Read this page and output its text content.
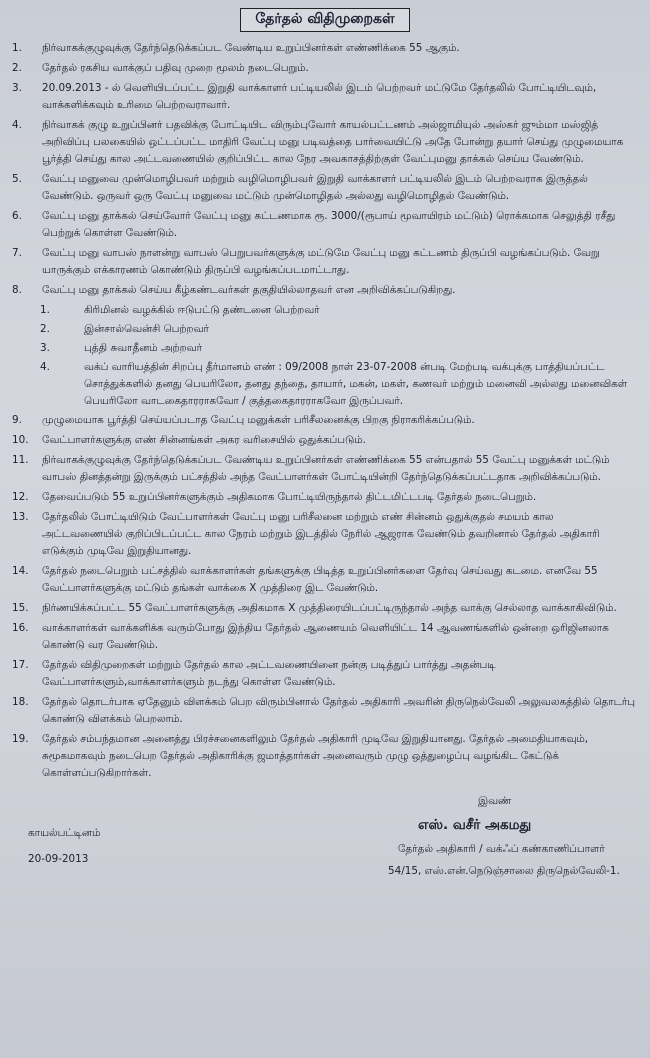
தேர்தல் விதிமுறைகள்
1.	நிர்வாகக்குழுவுக்கு தேர்ந்தெடுக்கப்பட வேண்டிய உறுப்பினர்கள் எண்ணிக்கை 55 ஆகும்.
2.	தேர்தல் ரகசிய வாக்குப் பதிவு முறை மூலம் நடைபெறும்.
3.	20.09.2013 - ல் வெளியிடப்பட்ட இறுதி வாக்காளர் பட்டியலில் இடம் பெற்றவர் மட்டுமே தேர்தலில் போட்டியிடவும், வாக்களிக்கவும் உரிமை பெற்றவராவார்.
4.	நிர்வாகக் குழு உறுப்பினர் பதவிக்கு போட்டியிட விரும்புவோர் காயல்பட்டணம் அல்ஜாமியுல் அஸ்கர் ஜும்மா மஸ்ஜித் அறிவிப்பு பலகையில் ஒட்டப்பட்ட மாதிரி வேட்பு மனு படிவத்தை பார்வையிட்டு அதே போன்று தயார் செய்து முழுமையாக பூர்த்தி செய்து கால அட்டவணையில் குறிப்பிட்ட கால நேர அவகாசத்திற்குள் வேட்புமனு தாக்கல் செய்ய வேண்டும்.
5.	வேட்பு மனுவை முன்மொழிபவர் மற்றும் வழிமொழிபவர் இறுதி வாக்காளர் பட்டியலில் இடம் பெற்றவராக இருத்தல் வேண்டும். ஒருவர் ஒரு வேட்பு மனுவை மட்டும் முன்மொழிதல் அல்லது வழிமொழிதல் வேண்டும்.
6.	வேட்பு மனு தாக்கல் செய்வோர் வேட்பு மனு கட்டணமாக ரூ. 3000/(ரூபாய் மூவாயிரம் மட்டும்) ரொக்கமாக செலுத்தி ரசீது பெற்றுக் கொள்ள வேண்டும்.
7.	வேட்பு மனு வாபஸ் நாளன்று வாபஸ் பெறுபவர்களுக்கு மட்டுமே வேட்பு மனு கட்டணம் திருப்பி வழங்கப்படும். வேறு யாருக்கும் எக்காரணம் கொண்டும் திருப்பி வழங்கப்படமாட்டாது.
8.	வேட்பு மனு தாக்கல் செய்ய கீழ்கண்டவர்கள் தகுதியில்லாதவர் என அறிவிக்கப்படுகிறது.
1.	கிரிமினல் வழக்கில் ஈடுபட்டு தண்டனை பெற்றவர்
2.	இன்சால்வென்சி பெற்றவர்
3.	புத்தி சுவாதீனம் அற்றவர்
4.	வக்ப் வாரியத்தின் சிறப்பு தீர்மானம் எண் : 09/2008 நாள் 23-07-2008 ன்படி மேற்படி வக்புக்கு பாத்தியப்பட்ட சொத்துக்களில் தனது பெயரிலோ, தனது தந்தை, தாயார், மகன், மகள், கணவர் மற்றும் மனைவி அல்லது மனைவிகள் பெயரிலோ வாடகைதாரராகவோ / குத்தகைதாரராகவோ இருப்பவர்.
9.	முழுமையாக பூர்த்தி செய்யப்படாத வேட்பு மனுக்கள் பரிசீலனைக்கு பிறகு நிராகரிக்கப்படும்.
10.	வேட்பாளர்களுக்கு எண் சின்னங்கள் அகர வரிசையில் ஒதுக்கப்படும்.
11.	நிர்வாகக்குழுவுக்கு தேர்ந்தெடுக்கப்பட வேண்டிய உறுப்பினர்கள் எண்ணிக்கை 55 என்பதால் 55 வேட்பு மனுக்கள் மட்டும் வாபஸ் தினத்தன்று இருக்கும் பட்சத்தில் அந்த வேட்பாளர்கள் போட்டியின்றி தேர்ந்தெடுக்கப்பட்டதாக அறிவிக்கப்படும்.
12.	தேவைப்படும் 55 உறுப்பினர்களுக்கும் அதிகமாக போட்டியிருந்தால் திட்டமிட்டபடி தேர்தல் நடைபெறும்.
13.	தேர்தலில் போட்டியிடும் வேட்பாளர்கள் வேட்பு மனு பரிசீலனை மற்றும் எண் சின்னம் ஒதுக்குதல் சமயம் கால அட்டவணையில் குறிப்பிடப்பட்ட கால நேரம் மற்றும் இடத்தில் நேரில் ஆஜராக வேண்டும் தவறினால் தேர்தல் அதிகாரி எடுக்கும் முடிவே இறுதியானது.
14.	தேர்தல் நடைபெறும் பட்சத்தில் வாக்காளர்கள் தங்களுக்கு பிடித்த உறுப்பினர்களை தேர்வு செய்வது கடமை. எனவே 55 வேட்பாளர்களுக்கு மட்டும் தங்கள் வாக்கை X முத்திரை இட வேண்டும்.
15.	நிர்ணயிக்கப்பட்ட 55 வேட்பாளர்களுக்கு அதிகமாக X முத்திரையிடப்பட்டிருந்தால் அந்த வாக்கு செல்லாத வாக்காகிவிடும்.
16.	வாக்காளர்கள் வாக்களிக்க வரும்போது இந்திய தேர்தல் ஆணையம் வெளியிட்ட 14 ஆவணங்களில் ஒன்றை ஒரிஜினலாக கொண்டு வர வேண்டும்.
17.	தேர்தல் விதிமுறைகள் மற்றும் தேர்தல் கால அட்டவணையினை நன்கு படித்துப் பார்த்து அதன்படி வேட்பாளர்களும்,வாக்காளர்களும் நடந்து கொள்ள வேண்டும்.
18.	தேர்தல் தொடர்பாக ஏதேனும் விளக்கம் பெற விரும்பினால் தேர்தல் அதிகாரி அவரின் திருநெல்வேலி அலுவலகத்தில் தொடர்பு கொண்டு விளக்கம் பெறலாம்.
19.	தேர்தல் சம்பந்தமான அனைத்து பிரச்சனைகளிலும் தேர்தல் அதிகாரி முடிவே இறுதியானது. தேர்தல் அமைதியாகவும், சுமூகமாகவும் நடைபெற தேர்தல் அதிகாரிக்கு ஜமாத்தார்கள் அனைவரும் முழு ஒத்துழைப்பு வழங்கிட கேட்டுக் கொள்ளப்படுகிறார்கள்.
இவண்
எஸ். வசீர் அகமது
தேர்தல் அதிகாரி / வக்ஃப் கண்காணிப்பாளர்
54/15, எஸ்.என்.நெடுஞ்சாலை திருநெல்வேலி-1.
காயல்பட்டினம்
20-09-2013
